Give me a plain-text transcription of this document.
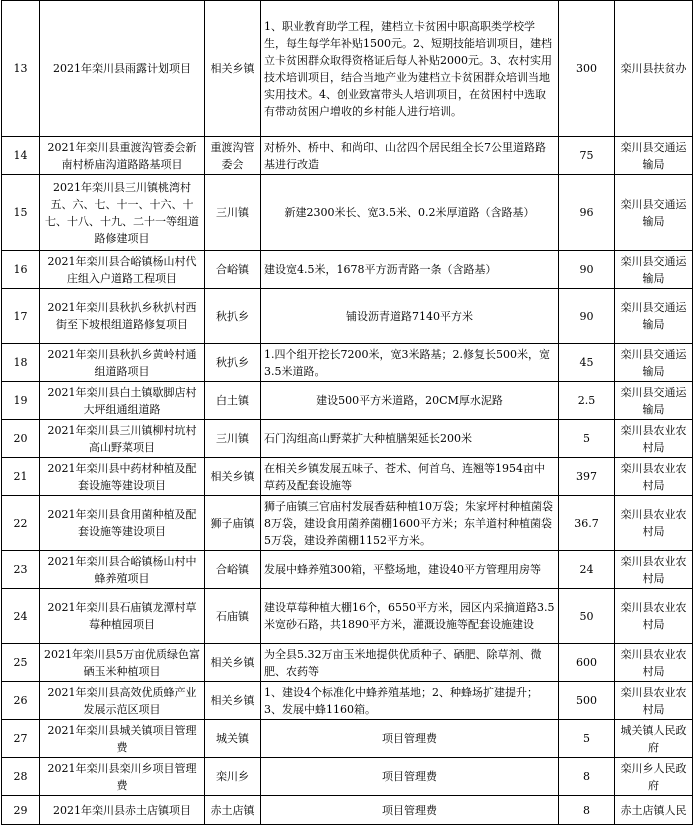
13	2021年栾川县雨露计划项目	相关乡镇	1、职业教育助学工程，建档立卡贫困中职高职类学校学生，每生每学年补贴1500元。2、短期技能培训项目，建档立卡贫困群众取得资格证后每人补贴2000元。3、农村实用技术培训项目，结合当地产业为建档立卡贫困群众培训当地实用技术。4、创业致富带头人培训项目，在贫困村中选取有带动贫困户增收的乡村能人进行培训。	300	栾川县扶贫办
14	2021年栾川县重渡沟管委会新南村桥庙沟道路路基项目	重渡沟管委会	对桥外、桥中、和尚印、山岔四个居民组全长7公里道路路基进行改造	75	栾川县交通运输局
15	2021年栾川县三川镇桃湾村五、六、七、十一、十六、十七、十八、十九、二十一等组道路修建项目	三川镇	新建2300米长、宽3.5米、0.2米厚道路（含路基）	96	栾川县交通运输局
16	2021年栾川县合峪镇杨山村代庄组入户道路工程项目	合峪镇	建设宽4.5米，1678平方沥青路一条（含路基）	90	栾川县交通运输局
17	2021年栾川县秋扒乡秋扒村西街至下坡根组道路修复项目	秋扒乡	铺设沥青道路7140平方米	90	栾川县交通运输局
18	2021年栾川县秋扒乡黄岭村通组道路项目	秋扒乡	1.四个组开挖长7200米，宽3米路基；2.修复长500米，宽3.5米道路。	45	栾川县交通运输局
19	2021年栾川县白土镇歇脚店村大坪组通组道路	白土镇	建设500平方米道路，20CM厚水泥路	2.5	栾川县交通运输局
20	2021年栾川县三川镇柳村坑村高山野菜项目	三川镇	石门沟组高山野菜扩大种植膳架延长200米	5	栾川县农业农村局
21	2021年栾川县中药材种植及配套设施等建设项目	相关乡镇	在相关乡镇发展五味子、苍术、何首乌、连翘等1954亩中草药及配套设施等	397	栾川县农业农村局
22	2021年栾川县食用菌种植及配套设施等建设项目	狮子庙镇	狮子庙镇三官庙村发展香菇种植10万袋；朱家坪村种植菌袋8万袋，建设食用菌养菌棚1600平方米；东羊道村种植菌袋5万袋，建设养菌棚1152平方米。	36.7	栾川县农业农村局
23	2021年栾川县合峪镇杨山村中蜂养殖项目	合峪镇	发展中蜂养殖300箱，平整场地，建设40平方管理用房等	24	栾川县农业农村局
24	2021年栾川县石庙镇龙潭村草莓种植园项目	石庙镇	建设草莓种植大棚16个，6550平方米，园区内采摘道路3.5米宽砂石路，共1890平方米，灌溉设施等配套设施建设	50	栾川县农业农村局
25	2021年栾川县5万亩优质绿色富硒玉米种植项目	相关乡镇	为全县5.32万亩玉米地提供优质种子、硒肥、除草剂、微肥、农药等	600	栾川县农业农村局
26	2021年栾川县高效优质蜂产业发展示范区项目	相关乡镇	1、建设4个标准化中蜂养殖基地；2、种蜂场扩建提升；3、发展中蜂1160箱。	500	栾川县农业农村局
27	2021年栾川县城关镇项目管理费	城关镇	项目管理费	5	城关镇人民政府
28	2021年栾川县栾川乡项目管理费	栾川乡	项目管理费	8	栾川乡人民政府
29	2021年栾川县赤土店镇项目	赤土店镇	项目管理费	8	赤土店镇人民
